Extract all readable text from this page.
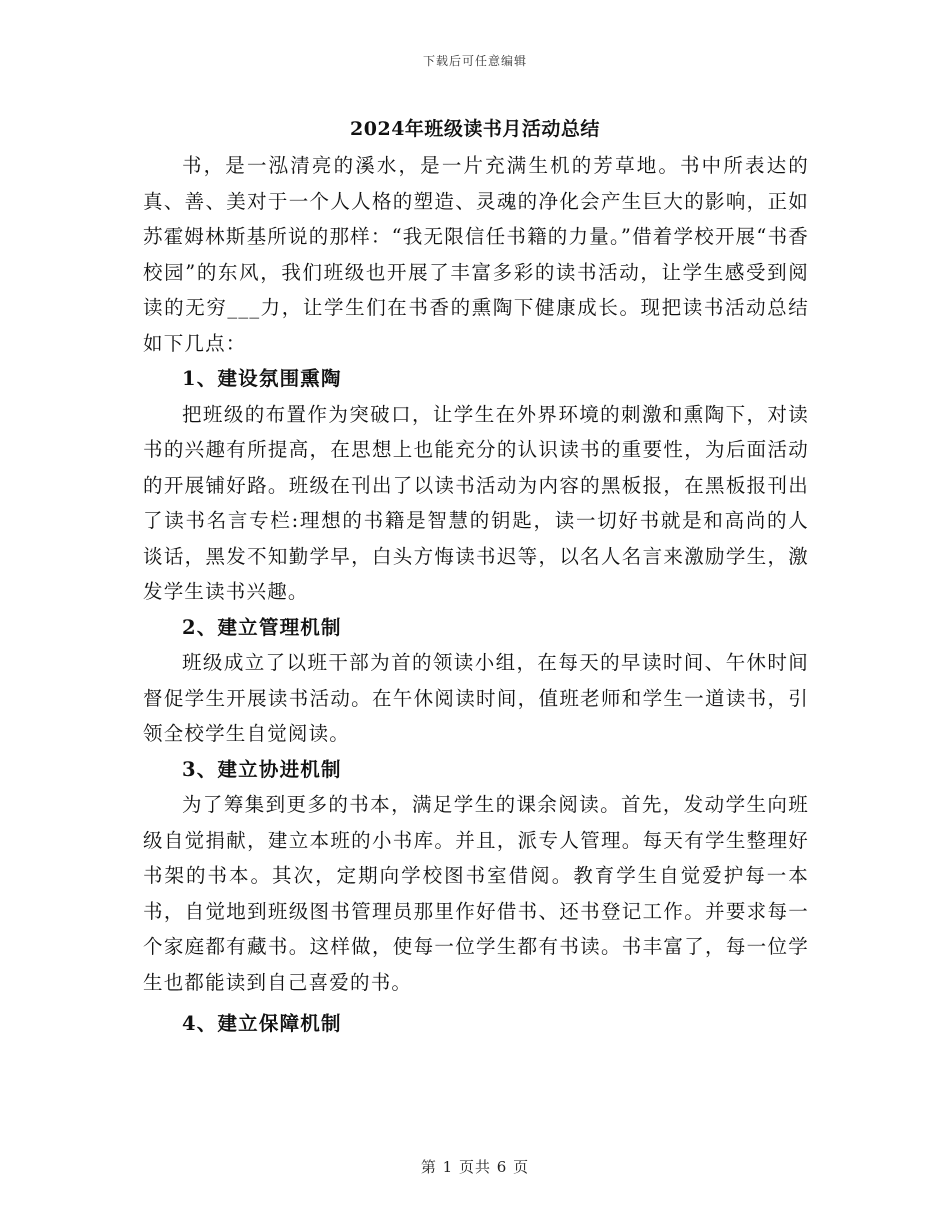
下载后可任意编辑
2024年班级读书月活动总结

书，是一泓清亮的溪水，是一片充满生机的芳草地。书中所表达的真、善、美对于一个人人格的塑造、灵魂的净化会产生巨大的影响，正如苏霍姆林斯基所说的那样：“我无限信任书籍的力量。”借着学校开展“书香校园”的东风，我们班级也开展了丰富多彩的读书活动，让学生感受到阅读的无穷___力，让学生们在书香的熏陶下健康成长。现把读书活动总结如下几点：

1、建设氛围熏陶

把班级的布置作为突破口，让学生在外界环境的刺激和熏陶下，对读书的兴趣有所提高，在思想上也能充分的认识读书的重要性，为后面活动的开展铺好路。班级在刊出了以读书活动为内容的黑板报，在黑板报刊出了读书名言专栏:理想的书籍是智慧的钥匙，读一切好书就是和高尚的人谈话，黑发不知勤学早，白头方悔读书迟等，以名人名言来激励学生，激发学生读书兴趣。

2、建立管理机制

班级成立了以班干部为首的领读小组，在每天的早读时间、午休时间督促学生开展读书活动。在午休阅读时间，值班老师和学生一道读书，引领全校学生自觉阅读。

3、建立协进机制

为了筹集到更多的书本，满足学生的课余阅读。首先，发动学生向班级自觉捐献，建立本班的小书库。并且，派专人管理。每天有学生整理好书架的书本。其次，定期向学校图书室借阅。教育学生自觉爱护每一本书，自觉地到班级图书管理员那里作好借书、还书登记工作。并要求每一个家庭都有藏书。这样做，使每一位学生都有书读。书丰富了，每一位学生也都能读到自己喜爱的书。

4、建立保障机制
第 1 页共 6 页
